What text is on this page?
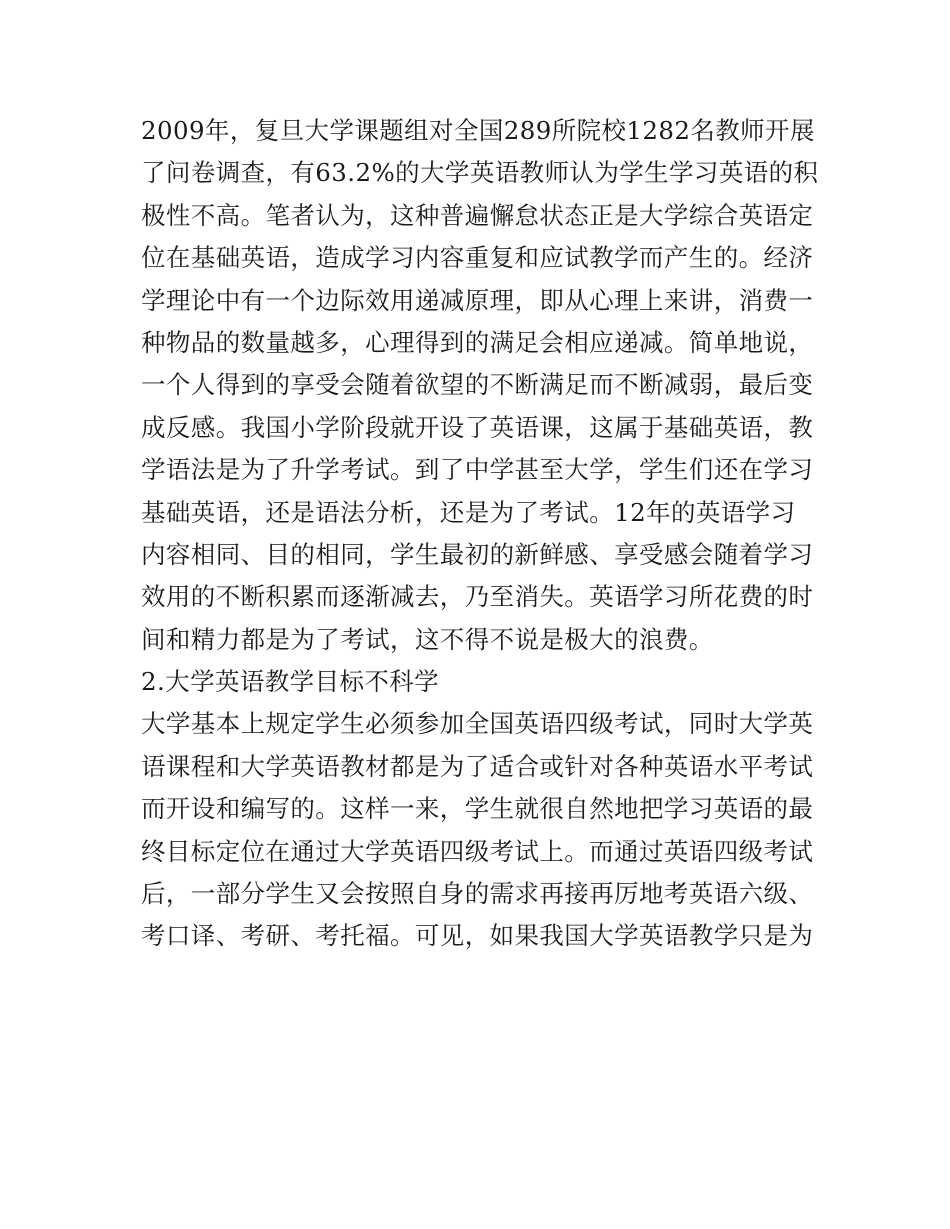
2009年，复旦大学课题组对全国289所院校1282名教师开展
了问卷调查，有63.2%的大学英语教师认为学生学习英语的积
极性不高。笔者认为，这种普遍懈怠状态正是大学综合英语定
位在基础英语，造成学习内容重复和应试教学而产生的。经济
学理论中有一个边际效用递减原理，即从心理上来讲，消费一
种物品的数量越多，心理得到的满足会相应递减。简单地说，
一个人得到的享受会随着欲望的不断满足而不断减弱，最后变
成反感。我国小学阶段就开设了英语课，这属于基础英语，教
学语法是为了升学考试。到了中学甚至大学，学生们还在学习
基础英语，还是语法分析，还是为了考试。12年的英语学习
内容相同、目的相同，学生最初的新鲜感、享受感会随着学习
效用的不断积累而逐渐减去，乃至消失。英语学习所花费的时
间和精力都是为了考试，这不得不说是极大的浪费。
2.大学英语教学目标不科学
大学基本上规定学生必须参加全国英语四级考试，同时大学英
语课程和大学英语教材都是为了适合或针对各种英语水平考试
而开设和编写的。这样一来，学生就很自然地把学习英语的最
终目标定位在通过大学英语四级考试上。而通过英语四级考试
后，一部分学生又会按照自身的需求再接再厉地考英语六级、
考口译、考研、考托福。可见，如果我国大学英语教学只是为
